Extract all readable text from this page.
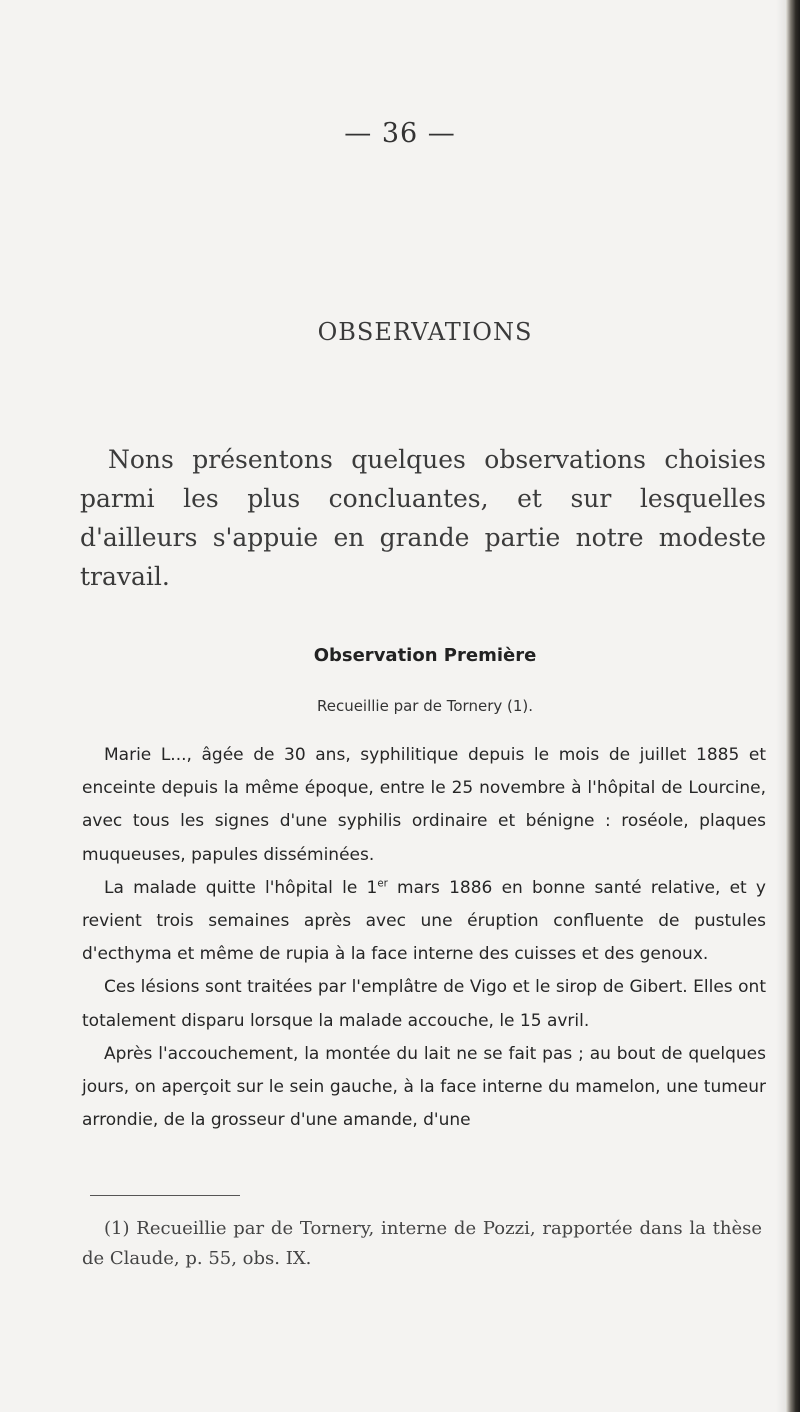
— 36 —
OBSERVATIONS

Nons présentons quelques observations choisies parmi les plus concluantes, et sur lesquelles d'ailleurs s'appuie en grande partie notre modeste travail.

Observation Première
Recueillie par de Tornery (1).

Marie L..., âgée de 30 ans, syphilitique depuis le mois de juillet 1885 et enceinte depuis la même époque, entre le 25 novembre à l'hôpital de Lourcine, avec tous les signes d'une syphilis ordinaire et bénigne : roséole, plaques muqueuses, papules disséminées.

La malade quitte l'hôpital le 1er mars 1886 en bonne santé relative, et y revient trois semaines après avec une éruption confluente de pustules d'ecthyma et même de rupia à la face interne des cuisses et des genoux.

Ces lésions sont traitées par l'emplâtre de Vigo et le sirop de Gibert. Elles ont totalement disparu lorsque la malade accouche, le 15 avril.

Après l'accouchement, la montée du lait ne se fait pas ; au bout de quelques jours, on aperçoit sur le sein gauche, à la face interne du mamelon, une tumeur arrondie, de la grosseur d'une amande, d'une

(1) Recueillie par de Tornery, interne de Pozzi, rapportée dans la thèse de Claude, p. 55, obs. IX.
